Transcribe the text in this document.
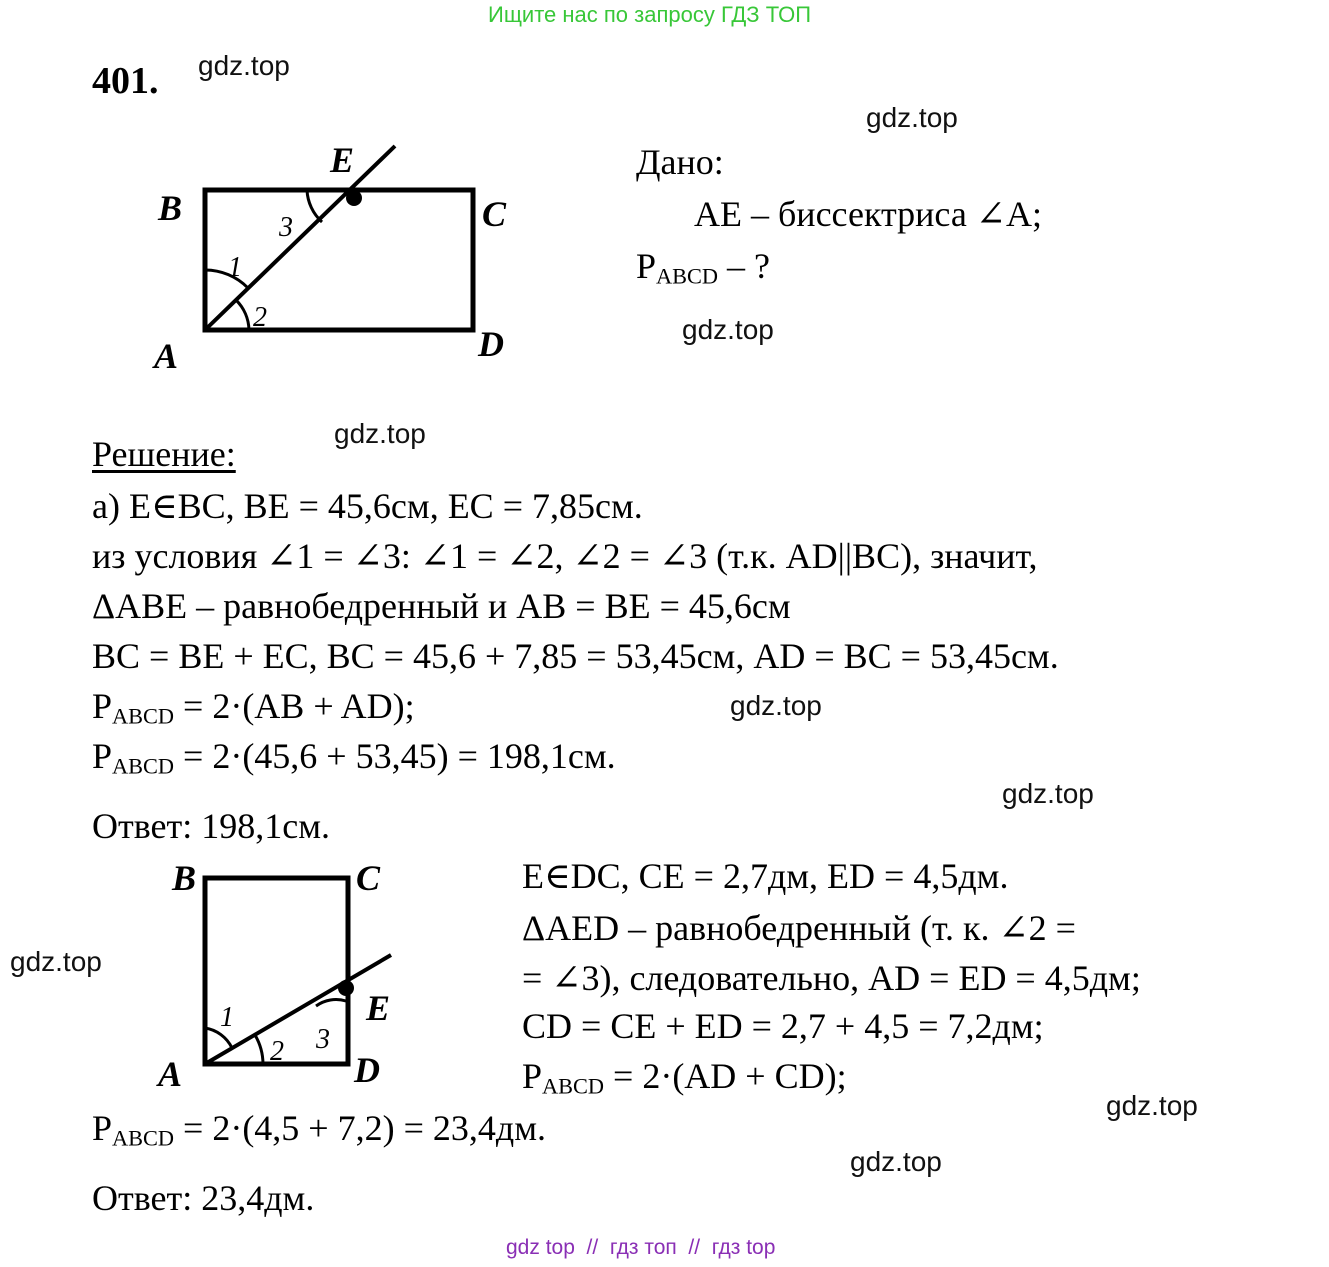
Ищите нас по запросу ГДЗ ТОП
401. gdz.top
gdz.top
gdz.top
gdz.top
gdz.top
gdz.top
gdz.top
gdz.top
gdz.top
B	C
E
A	D
1
2
3
Дано:
AE – биссектриса ∠A;
$P_{ABCD}$ – ?
Решение:
а) E∈BC, BE = 45,6см, EC = 7,85см.
из условия ∠1 = ∠3: ∠1 = ∠2, ∠2 = ∠3 (т.к. AD||BC), значит,
ΔABE – равнобедренный и AB = BE = 45,6см
BC = BE + EC, BC = 45,6 + 7,85 = 53,45см, AD = BC = 53,45см.
$P_{ABCD} = 2\cdot(AB + AD)$;
$P_{ABCD} = 2\cdot(45,6 + 53,45) = 198,1см$.
Ответ: 198,1см.
B	C
E
A	D
1
2 3
E∈DC, CE = 2,7дм, ED = 4,5дм.
ΔAED – равнобедренный (т. к. ∠2 =
= ∠3), следовательно, AD = ED = 4,5дм;
CD = CE + ED = 2,7 + 4,5 = 7,2дм;
$P_{ABCD} = 2\cdot(AD + CD)$;
$P_{ABCD} = 2\cdot(4,5 + 7,2) = 23,4дм$.
Ответ: 23,4дм.
gdz top  //  гдз топ  //  гдз top
